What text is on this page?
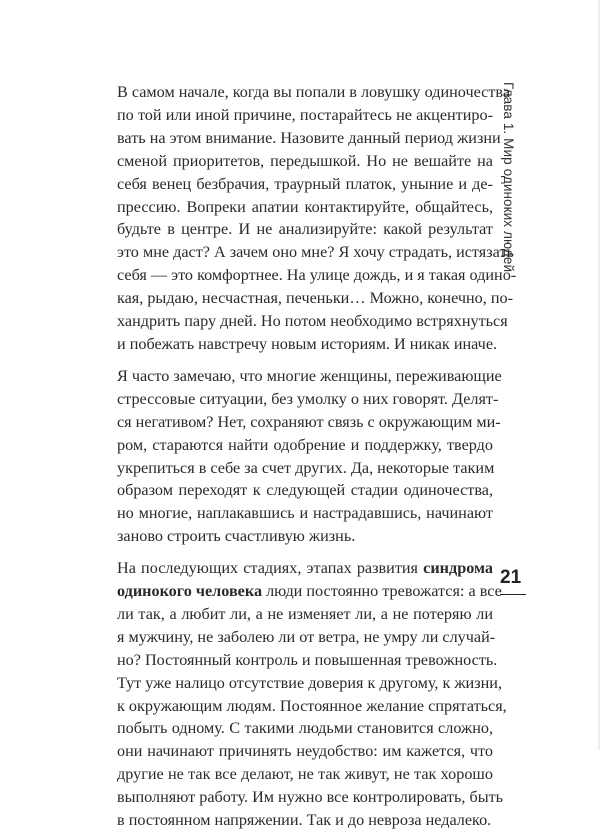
Глава 1. Мир одиноких людей
21

В самом начале, когда вы попали в ловушку одиночества
по той или иной причине, постарайтесь не акцентиро-
вать на этом внимание. Назовите данный период жизни
сменой приоритетов, передышкой. Но не вешайте на
себя венец безбрачия, траурный платок, уныние и де-
прессию. Вопреки апатии контактируйте, общайтесь,
будьте в центре. И не анализируйте: какой результат
это мне даст? А зачем оно мне? Я хочу страдать, истязать
себя — это комфортнее. На улице дождь, и я такая одино-
кая, рыдаю, несчастная, печеньки… Можно, конечно, по-
хандрить пару дней. Но потом необходимо встряхнуться
и побежать навстречу новым историям. И никак иначе.

Я часто замечаю, что многие женщины, переживающие
стрессовые ситуации, без умолку о них говорят. Делят-
ся негативом? Нет, сохраняют связь с окружающим ми-
ром, стараются найти одобрение и поддержку, твердо
укрепиться в себе за счет других. Да, некоторые таким
образом переходят к следующей стадии одиночества,
но многие, наплакавшись и настрадавшись, начинают
заново строить счастливую жизнь.

На последующих стадиях, этапах развития синдрома
одинокого человека люди постоянно тревожатся: а все
ли так, а любит ли, а не изменяет ли, а не потеряю ли
я мужчину, не заболею ли от ветра, не умру ли случай-
но? Постоянный контроль и повышенная тревожность.
Тут уже налицо отсутствие доверия к другому, к жизни,
к окружающим людям. Постоянное желание спрятаться,
побыть одному. С такими людьми становится сложно,
они начинают причинять неудобство: им кажется, что
другие не так все делают, не так живут, не так хорошо
выполняют работу. Им нужно все контролировать, быть
в постоянном напряжении. Так и до невроза недалеко.
